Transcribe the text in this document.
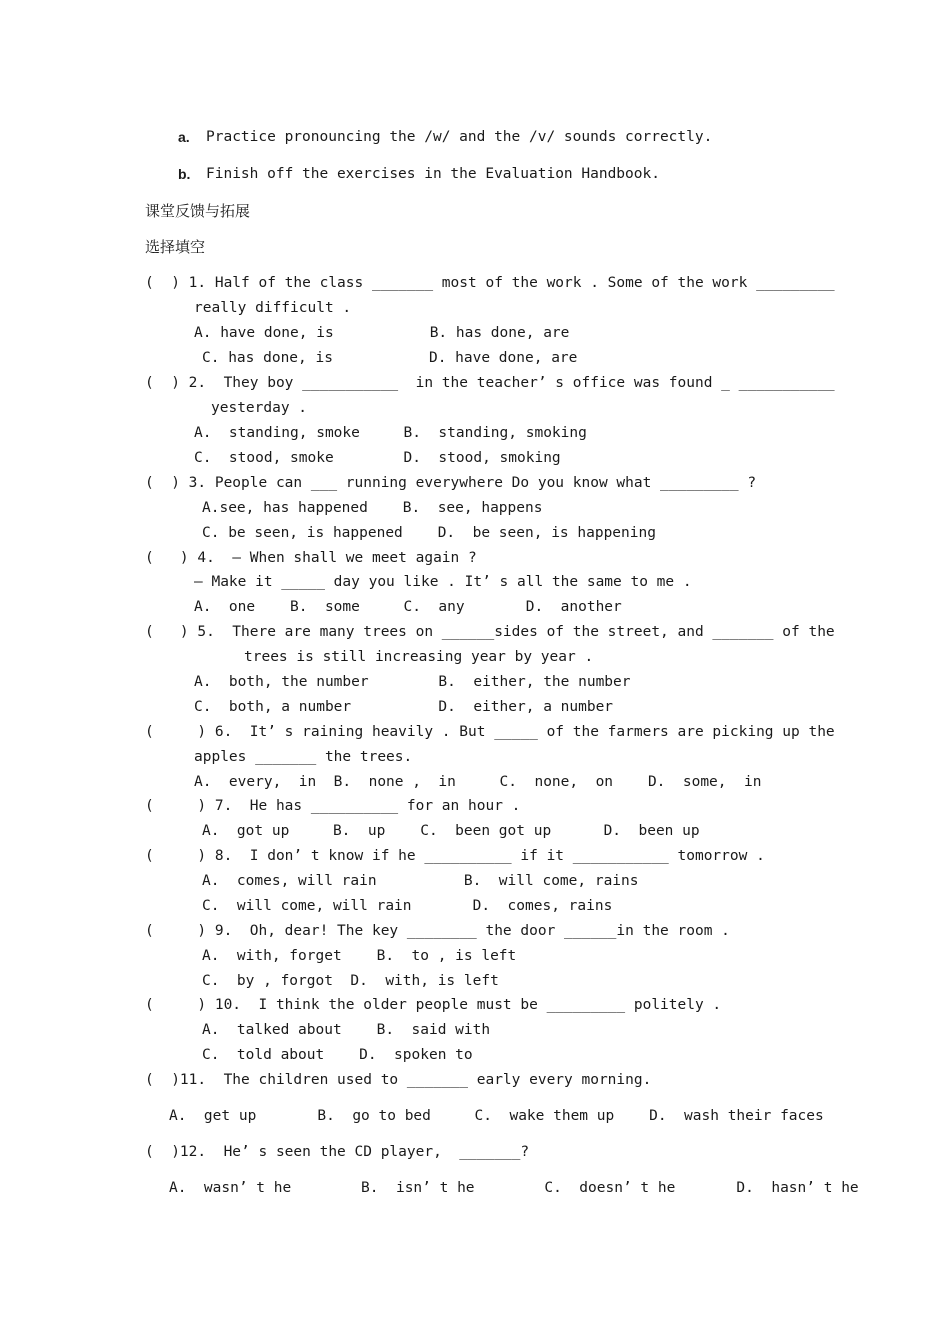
a. Practice pronouncing the /w/ and the /v/ sounds correctly.
b. Finish off the exercises in the Evaluation Handbook.
课堂反馈与拓展
选择填空
(  ) 1. Half of the class _______ most of the work . Some of the work _________
really difficult .
A. have done, is           B. has done, are
C. has done, is           D. have done, are
(  ) 2.  They boy ___________  in the teacher’ s office was found _ ___________
yesterday .
A.  standing, smoke     B.  standing, smoking
C.  stood, smoke        D.  stood, smoking
(  ) 3. People can ___ running everywhere Do you know what _________ ?
A.see, has happened    B.  see, happens
C. be seen, is happened    D.  be seen, is happening
(   ) 4.  — When shall we meet again ?
— Make it _____ day you like . It’ s all the same to me .
A.  one    B.  some     C.  any       D.  another
(   ) 5.  There are many trees on ______sides of the street, and _______ of the
trees is still increasing year by year .
A.  both, the number        B.  either, the number
C.  both, a number          D.  either, a number
(     ) 6.  It’ s raining heavily . But _____ of the farmers are picking up the
apples _______ the trees.
A.  every,  in  B.  none ,  in     C.  none,  on    D.  some,  in
(     ) 7.  He has __________ for an hour .
A.  got up     B.  up    C.  been got up      D.  been up
(     ) 8.  I don’ t know if he __________ if it ___________ tomorrow .
A.  comes, will rain          B.  will come, rains
C.  will come, will rain       D.  comes, rains
(     ) 9.  Oh, dear! The key ________ the door ______in the room .
A.  with, forget    B.  to , is left
C.  by , forgot  D.  with, is left
(     ) 10.  I think the older people must be _________ politely .
A.  talked about    B.  said with
C.  told about    D.  spoken to
(  )11.  The children used to _______ early every morning.
A.  get up       B.  go to bed     C.  wake them up    D.  wash their faces
(  )12.  He’ s seen the CD player,  _______?
A.  wasn’ t he        B.  isn’ t he        C.  doesn’ t he       D.  hasn’ t he
